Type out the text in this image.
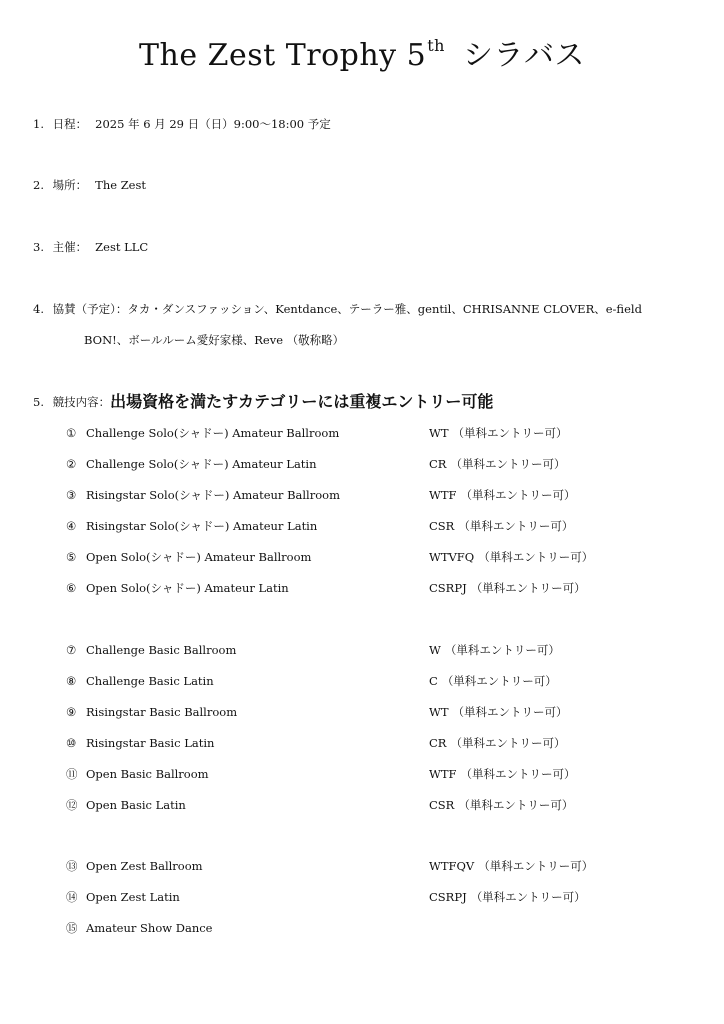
The Zest Trophy 5th シラバス
1. 日程： 2025 年 6 月 29 日（日）9:00〜18:00 予定
2. 場所： The Zest
3. 主催： Zest LLC
4. 協賛（予定）：タカ・ダンスファッション、Kentdance、テーラー雅、gentil、CHRISANNE CLOVER、e-field
BON!、ボールルーム愛好家様、Reve （敬称略）
5. 競技内容：出場資格を満たすカテゴリーには重複エントリー可能
① Challenge Solo(シャドー) Amateur Ballroom	WT （単科エントリー可）
② Challenge Solo(シャドー) Amateur Latin	CR （単科エントリー可）
③ Risingstar Solo(シャドー) Amateur Ballroom	WTF （単科エントリー可）
④ Risingstar Solo(シャドー) Amateur Latin	CSR （単科エントリー可）
⑤ Open Solo(シャドー) Amateur Ballroom	WTVFQ （単科エントリー可）
⑥ Open Solo(シャドー) Amateur Latin	CSRPJ （単科エントリー可）
⑦ Challenge Basic Ballroom	W （単科エントリー可）
⑧ Challenge Basic Latin	C （単科エントリー可）
⑨ Risingstar Basic Ballroom	WT （単科エントリー可）
⑩ Risingstar Basic Latin	CR （単科エントリー可）
⑪ Open Basic Ballroom	WTF （単科エントリー可）
⑫ Open Basic Latin	CSR （単科エントリー可）
⑬ Open Zest Ballroom	WTFQV （単科エントリー可）
⑭ Open Zest Latin	CSRPJ （単科エントリー可）
⑮ Amateur Show Dance
